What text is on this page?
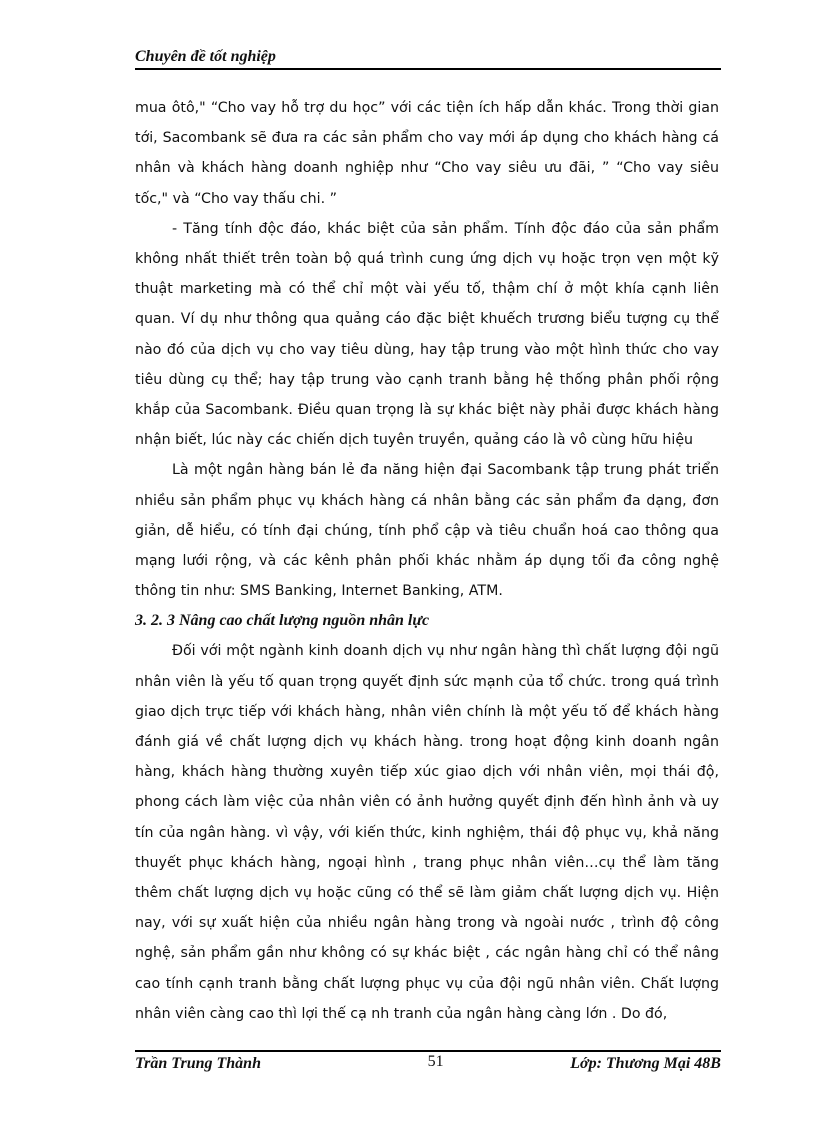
Chuyên đề tốt nghiệp

mua ôtô," “Cho vay hỗ trợ du học” với các tiện ích hấp dẫn khác. Trong thời gian tới, Sacombank sẽ đưa ra các sản phẩm cho vay mới áp dụng cho khách hàng cá nhân và khách hàng doanh nghiệp như “Cho vay siêu ưu đãi, ” “Cho vay siêu tốc," và “Cho vay thấu chi. ”

- Tăng tính độc đáo, khác biệt của sản phẩm. Tính độc đáo của sản phẩm không nhất thiết trên toàn bộ quá trình cung ứng dịch vụ hoặc trọn vẹn một kỹ thuật marketing mà có thể chỉ một vài yếu tố, thậm chí ở một khía cạnh liên quan. Ví dụ như thông qua quảng cáo đặc biệt khuếch trương biểu tượng cụ thể nào đó của dịch vụ cho vay tiêu dùng, hay tập trung vào một hình thức cho vay tiêu dùng cụ thể; hay tập trung vào cạnh tranh bằng hệ thống phân phối rộng khắp của Sacombank. Điều quan trọng là sự khác biệt này phải được khách hàng nhận biết, lúc này các chiến dịch tuyên truyền, quảng cáo là vô cùng hữu hiệu

Là một ngân hàng bán lẻ đa năng hiện đại Sacombank tập trung phát triển nhiều sản phẩm phục vụ khách hàng cá nhân bằng các sản phẩm đa dạng, đơn giản, dễ hiểu, có tính đại chúng, tính phổ cập và tiêu chuẩn hoá cao thông qua mạng lưới rộng, và các kênh phân phối khác nhằm áp dụng tối đa công nghệ thông tin như: SMS Banking, Internet Banking, ATM.

3. 2. 3 Nâng cao chất lượng nguồn nhân lực

Đối với một ngành kinh doanh dịch vụ như ngân hàng thì chất lượng đội ngũ nhân viên là yếu tố quan trọng quyết định sức mạnh của tổ chức. trong quá trình giao dịch trực tiếp với khách hàng, nhân viên chính là một yếu tố để khách hàng đánh giá về chất lượng dịch vụ khách hàng. trong hoạt động kinh doanh ngân hàng, khách hàng thường xuyên tiếp xúc giao dịch với nhân viên, mọi thái độ, phong cách làm việc của nhân viên có ảnh hưởng quyết định đến hình ảnh và uy tín của ngân hàng. vì vậy, với kiến thức, kinh nghiệm, thái độ phục vụ, khả năng thuyết phục khách hàng, ngoại hình , trang phục nhân viên…cụ thể làm tăng thêm chất lượng dịch vụ hoặc cũng có thể sẽ làm giảm chất lượng dịch vụ. Hiện nay, với sự xuất hiện của nhiều ngân hàng trong và ngoài nước , trình độ công nghệ, sản phẩm gần như không có sự khác biệt , các ngân hàng chỉ có thể nâng cao tính cạnh tranh bằng chất lượng phục vụ của đội ngũ nhân viên. Chất lượng nhân viên càng cao thì lợi thế cạ nh tranh của ngân hàng càng lớn . Do đó,

Trần Trung Thành	51	Lớp: Thương Mại 48B
